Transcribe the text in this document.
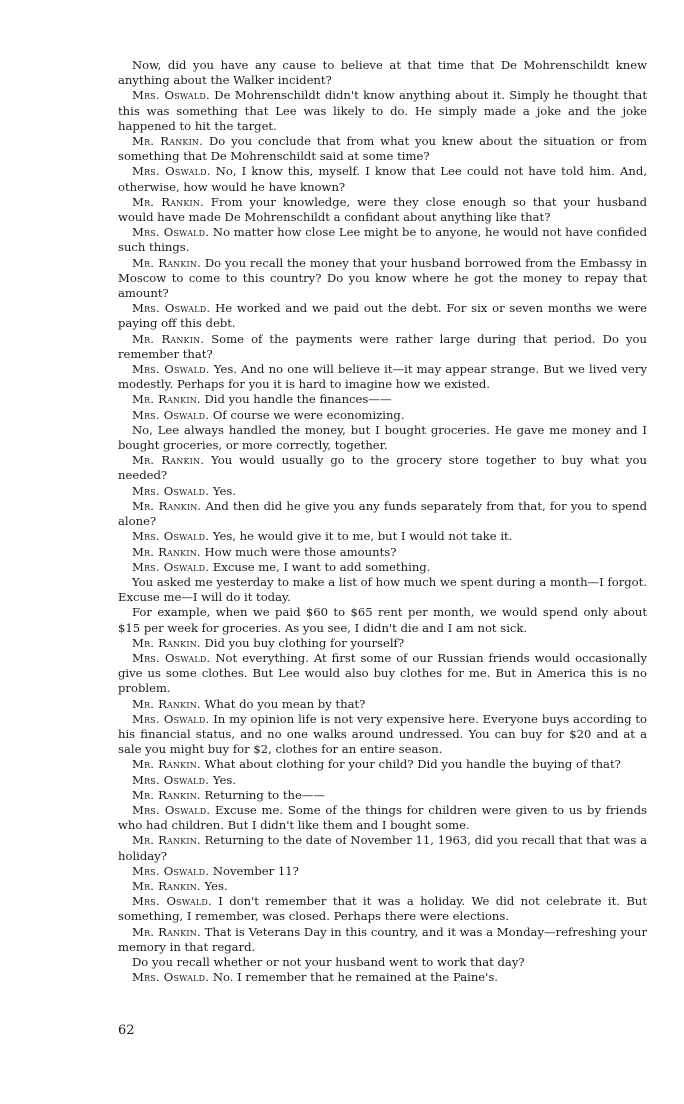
Now, did you have any cause to believe at that time that De Mohrenschildt knew anything about the Walker incident?

Mrs. Oswald. De Mohrenschildt didn't know anything about it. Simply he thought that this was something that Lee was likely to do. He simply made a joke and the joke happened to hit the target.

Mr. Rankin. Do you conclude that from what you knew about the situation or from something that De Mohrenschildt said at some time?

Mrs. Oswald. No, I know this, myself. I know that Lee could not have told him. And, otherwise, how would he have known?

Mr. Rankin. From your knowledge, were they close enough so that your husband would have made De Mohrenschildt a confidant about anything like that?

Mrs. Oswald. No matter how close Lee might be to anyone, he would not have confided such things.

Mr. Rankin. Do you recall the money that your husband borrowed from the Embassy in Moscow to come to this country? Do you know where he got the money to repay that amount?

Mrs. Oswald. He worked and we paid out the debt. For six or seven months we were paying off this debt.

Mr. Rankin. Some of the payments were rather large during that period. Do you remember that?

Mrs. Oswald. Yes. And no one will believe it—it may appear strange. But we lived very modestly. Perhaps for you it is hard to imagine how we existed.

Mr. Rankin. Did you handle the finances——

Mrs. Oswald. Of course we were economizing.

No, Lee always handled the money, but I bought groceries. He gave me money and I bought groceries, or more correctly, together.

Mr. Rankin. You would usually go to the grocery store together to buy what you needed?

Mrs. Oswald. Yes.

Mr. Rankin. And then did he give you any funds separately from that, for you to spend alone?

Mrs. Oswald. Yes, he would give it to me, but I would not take it.

Mr. Rankin. How much were those amounts?

Mrs. Oswald. Excuse me, I want to add something.

You asked me yesterday to make a list of how much we spent during a month—I forgot. Excuse me—I will do it today.

For example, when we paid $60 to $65 rent per month, we would spend only about $15 per week for groceries. As you see, I didn't die and I am not sick.

Mr. Rankin. Did you buy clothing for yourself?

Mrs. Oswald. Not everything. At first some of our Russian friends would occasionally give us some clothes. But Lee would also buy clothes for me. But in America this is no problem.

Mr. Rankin. What do you mean by that?

Mrs. Oswald. In my opinion life is not very expensive here. Everyone buys according to his financial status, and no one walks around undressed. You can buy for $20 and at a sale you might buy for $2, clothes for an entire season.

Mr. Rankin. What about clothing for your child? Did you handle the buying of that?

Mrs. Oswald. Yes.

Mr. Rankin. Returning to the——

Mrs. Oswald. Excuse me. Some of the things for children were given to us by friends who had children. But I didn't like them and I bought some.

Mr. Rankin. Returning to the date of November 11, 1963, did you recall that that was a holiday?

Mrs. Oswald. November 11?

Mr. Rankin. Yes.

Mrs. Oswald. I don't remember that it was a holiday. We did not celebrate it. But something, I remember, was closed. Perhaps there were elections.

Mr. Rankin. That is Veterans Day in this country, and it was a Monday—refreshing your memory in that regard.

Do you recall whether or not your husband went to work that day?

Mrs. Oswald. No. I remember that he remained at the Paine's.

62
